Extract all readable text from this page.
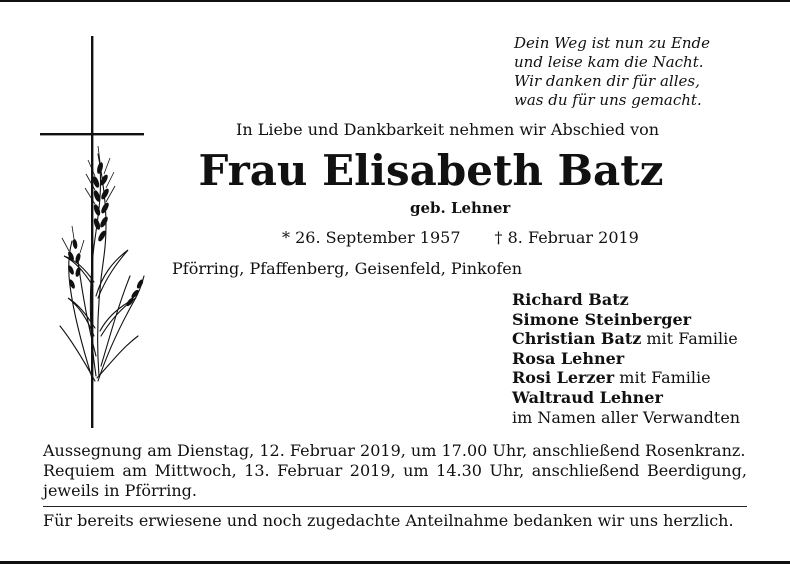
Dein Weg ist nun zu Ende
und leise kam die Nacht.
Wir danken dir für alles,
was du für uns gemacht.
In Liebe und Dankbarkeit nehmen wir Abschied von
Frau Elisabeth Batz
geb. Lehner
* 26. September 1957 † 8. Februar 2019
Pförring, Pfaffenberg, Geisenfeld, Pinkofen
Richard Batz
Simone Steinberger
Christian Batz mit Familie
Rosa Lehner
Rosi Lerzer mit Familie
Waltraud Lehner
im Namen aller Verwandten
Aussegnung am Dienstag, 12. Februar 2019, um 17.00 Uhr, anschließend Rosenkranz.
Requiem am Mittwoch, 13. Februar 2019, um 14.30 Uhr, anschließend Beerdigung,
jeweils in Pförring.
Für bereits erwiesene und noch zugedachte Anteilnahme bedanken wir uns herzlich.
